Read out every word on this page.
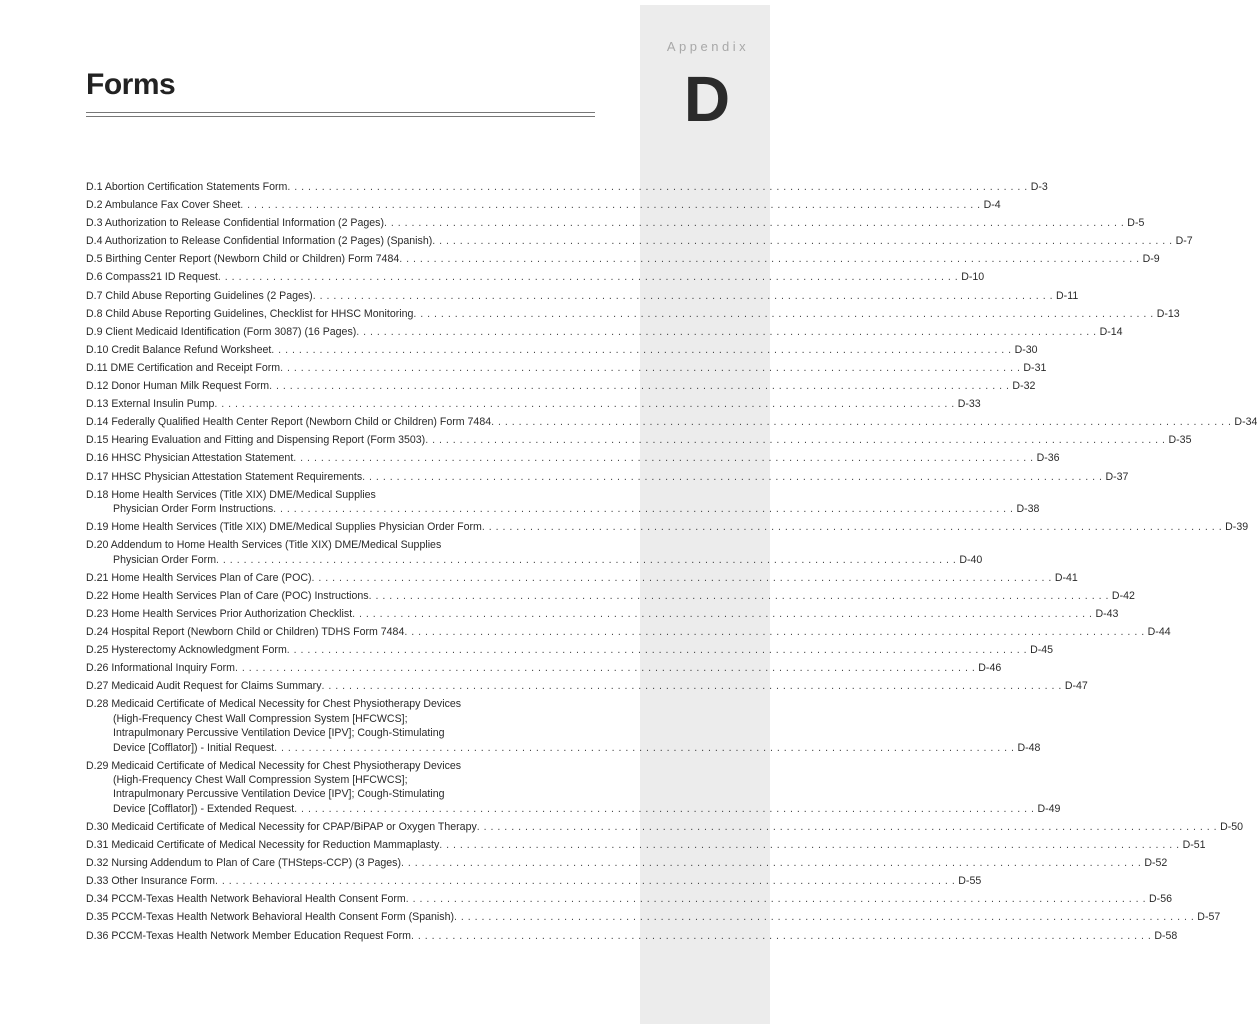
Appendix
D
Forms
D.1 Abortion Certification Statements Form . . .	D-3
D.2 Ambulance Fax Cover Sheet . . .	D-4
D.3 Authorization to Release Confidential Information (2 Pages) . . .	D-5
D.4 Authorization to Release Confidential Information (2 Pages) (Spanish) . . .	D-7
D.5 Birthing Center Report (Newborn Child or Children) Form 7484 . . .	D-9
D.6 Compass21 ID Request . . .	D-10
D.7 Child Abuse Reporting Guidelines (2 Pages) . . .	D-11
D.8 Child Abuse Reporting Guidelines, Checklist for HHSC Monitoring . . .	D-13
D.9 Client Medicaid Identification (Form 3087) (16 Pages) . . .	D-14
D.10 Credit Balance Refund Worksheet . . .	D-30
D.11 DME Certification and Receipt Form . . .	D-31
D.12 Donor Human Milk Request Form . . .	D-32
D.13 External Insulin Pump . . .	D-33
D.14 Federally Qualified Health Center Report (Newborn Child or Children) Form 7484 . . .	D-34
D.15 Hearing Evaluation and Fitting and Dispensing Report (Form 3503) . . .	D-35
D.16 HHSC Physician Attestation Statement . . .	D-36
D.17 HHSC Physician Attestation Statement Requirements . . .	D-37
D.18 Home Health Services (Title XIX) DME/Medical Supplies
Physician Order Form Instructions . . .	D-38
D.19 Home Health Services (Title XIX) DME/Medical Supplies Physician Order Form . . .	D-39
D.20 Addendum to Home Health Services (Title XIX) DME/Medical Supplies
Physician Order Form . . .	D-40
D.21 Home Health Services Plan of Care (POC) . . .	D-41
D.22 Home Health Services Plan of Care (POC) Instructions . . .	D-42
D.23 Home Health Services Prior Authorization Checklist . . .	D-43
D.24 Hospital Report (Newborn Child or Children) TDHS Form 7484 . . .	D-44
D.25 Hysterectomy Acknowledgment Form . . .	D-45
D.26 Informational Inquiry Form . . .	D-46
D.27 Medicaid Audit Request for Claims Summary . . .	D-47
D.28 Medicaid Certificate of Medical Necessity for Chest Physiotherapy Devices
(High-Frequency Chest Wall Compression System [HFCWCS];
Intrapulmonary Percussive Ventilation Device [IPV]; Cough-Stimulating
Device [Cofflator]) - Initial Request . . .	D-48
D.29 Medicaid Certificate of Medical Necessity for Chest Physiotherapy Devices
(High-Frequency Chest Wall Compression System [HFCWCS];
Intrapulmonary Percussive Ventilation Device [IPV]; Cough-Stimulating
Device [Cofflator]) - Extended Request . . .	D-49
D.30 Medicaid Certificate of Medical Necessity for CPAP/BiPAP or Oxygen Therapy . . .	D-50
D.31 Medicaid Certificate of Medical Necessity for Reduction Mammaplasty . . .	D-51
D.32 Nursing Addendum to Plan of Care (THSteps-CCP) (3 Pages) . . .	D-52
D.33 Other Insurance Form . . .	D-55
D.34 PCCM-Texas Health Network Behavioral Health Consent Form . . .	D-56
D.35 PCCM-Texas Health Network Behavioral Health Consent Form (Spanish) . . .	D-57
D.36 PCCM-Texas Health Network Member Education Request Form . . .	D-58
